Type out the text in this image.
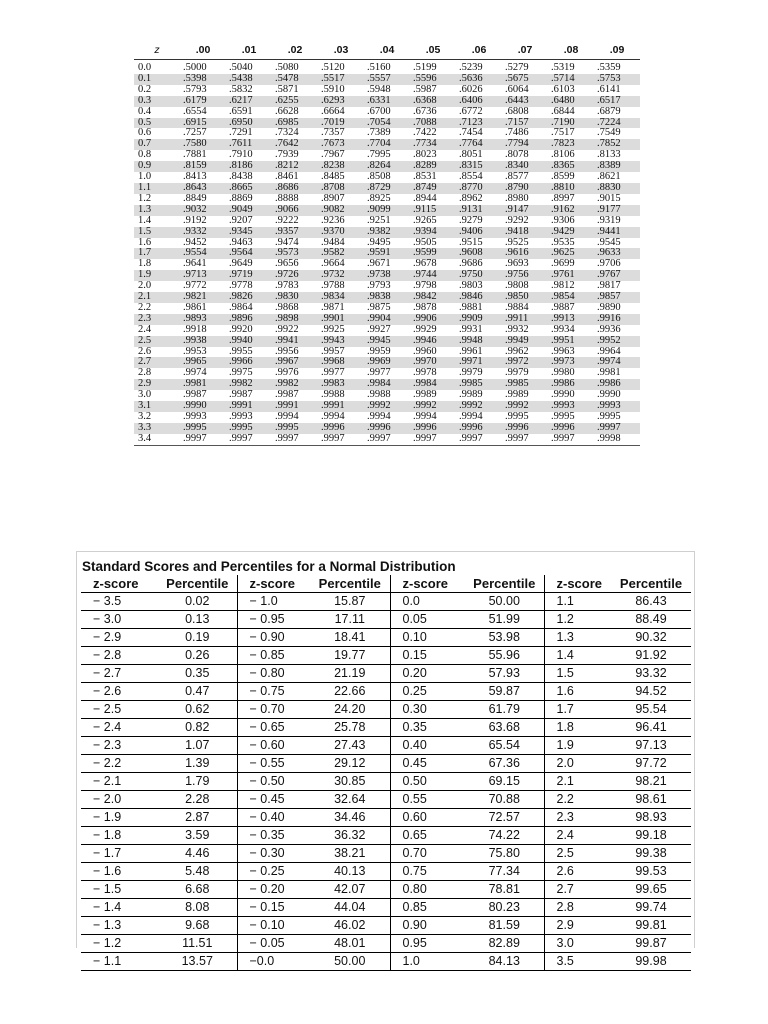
z	.00	.01	.02	.03	.04	.05	.06	.07	.08	.09
0.0	.5000	.5040	.5080	.5120	.5160	.5199	.5239	.5279	.5319	.5359
0.1	.5398	.5438	.5478	.5517	.5557	.5596	.5636	.5675	.5714	.5753
0.2	.5793	.5832	.5871	.5910	.5948	.5987	.6026	.6064	.6103	.6141
0.3	.6179	.6217	.6255	.6293	.6331	.6368	.6406	.6443	.6480	.6517
0.4	.6554	.6591	.6628	.6664	.6700	.6736	.6772	.6808	.6844	.6879
0.5	.6915	.6950	.6985	.7019	.7054	.7088	.7123	.7157	.7190	.7224
0.6	.7257	.7291	.7324	.7357	.7389	.7422	.7454	.7486	.7517	.7549
0.7	.7580	.7611	.7642	.7673	.7704	.7734	.7764	.7794	.7823	.7852
0.8	.7881	.7910	.7939	.7967	.7995	.8023	.8051	.8078	.8106	.8133
0.9	.8159	.8186	.8212	.8238	.8264	.8289	.8315	.8340	.8365	.8389
1.0	.8413	.8438	.8461	.8485	.8508	.8531	.8554	.8577	.8599	.8621
1.1	.8643	.8665	.8686	.8708	.8729	.8749	.8770	.8790	.8810	.8830
1.2	.8849	.8869	.8888	.8907	.8925	.8944	.8962	.8980	.8997	.9015
1.3	.9032	.9049	.9066	.9082	.9099	.9115	.9131	.9147	.9162	.9177
1.4	.9192	.9207	.9222	.9236	.9251	.9265	.9279	.9292	.9306	.9319
1.5	.9332	.9345	.9357	.9370	.9382	.9394	.9406	.9418	.9429	.9441
1.6	.9452	.9463	.9474	.9484	.9495	.9505	.9515	.9525	.9535	.9545
1.7	.9554	.9564	.9573	.9582	.9591	.9599	.9608	.9616	.9625	.9633
1.8	.9641	.9649	.9656	.9664	.9671	.9678	.9686	.9693	.9699	.9706
1.9	.9713	.9719	.9726	.9732	.9738	.9744	.9750	.9756	.9761	.9767
2.0	.9772	.9778	.9783	.9788	.9793	.9798	.9803	.9808	.9812	.9817
2.1	.9821	.9826	.9830	.9834	.9838	.9842	.9846	.9850	.9854	.9857
2.2	.9861	.9864	.9868	.9871	.9875	.9878	.9881	.9884	.9887	.9890
2.3	.9893	.9896	.9898	.9901	.9904	.9906	.9909	.9911	.9913	.9916
2.4	.9918	.9920	.9922	.9925	.9927	.9929	.9931	.9932	.9934	.9936
2.5	.9938	.9940	.9941	.9943	.9945	.9946	.9948	.9949	.9951	.9952
2.6	.9953	.9955	.9956	.9957	.9959	.9960	.9961	.9962	.9963	.9964
2.7	.9965	.9966	.9967	.9968	.9969	.9970	.9971	.9972	.9973	.9974
2.8	.9974	.9975	.9976	.9977	.9977	.9978	.9979	.9979	.9980	.9981
2.9	.9981	.9982	.9982	.9983	.9984	.9984	.9985	.9985	.9986	.9986
3.0	.9987	.9987	.9987	.9988	.9988	.9989	.9989	.9989	.9990	.9990
3.1	.9990	.9991	.9991	.9991	.9992	.9992	.9992	.9992	.9993	.9993
3.2	.9993	.9993	.9994	.9994	.9994	.9994	.9994	.9995	.9995	.9995
3.3	.9995	.9995	.9995	.9996	.9996	.9996	.9996	.9996	.9996	.9997
3.4	.9997	.9997	.9997	.9997	.9997	.9997	.9997	.9997	.9997	.9998
Standard Scores and Percentiles for a Normal Distribution
z-score	Percentile	z-score	Percentile	z-score	Percentile	z-score	Percentile
− 3.5	0.02	− 1.0	15.87	0.0	50.00	1.1	86.43
− 3.0	0.13	− 0.95	17.11	0.05	51.99	1.2	88.49
− 2.9	0.19	− 0.90	18.41	0.10	53.98	1.3	90.32
− 2.8	0.26	− 0.85	19.77	0.15	55.96	1.4	91.92
− 2.7	0.35	− 0.80	21.19	0.20	57.93	1.5	93.32
− 2.6	0.47	− 0.75	22.66	0.25	59.87	1.6	94.52
− 2.5	0.62	− 0.70	24.20	0.30	61.79	1.7	95.54
− 2.4	0.82	− 0.65	25.78	0.35	63.68	1.8	96.41
− 2.3	1.07	− 0.60	27.43	0.40	65.54	1.9	97.13
− 2.2	1.39	− 0.55	29.12	0.45	67.36	2.0	97.72
− 2.1	1.79	− 0.50	30.85	0.50	69.15	2.1	98.21
− 2.0	2.28	− 0.45	32.64	0.55	70.88	2.2	98.61
− 1.9	2.87	− 0.40	34.46	0.60	72.57	2.3	98.93
− 1.8	3.59	− 0.35	36.32	0.65	74.22	2.4	99.18
− 1.7	4.46	− 0.30	38.21	0.70	75.80	2.5	99.38
− 1.6	5.48	− 0.25	40.13	0.75	77.34	2.6	99.53
− 1.5	6.68	− 0.20	42.07	0.80	78.81	2.7	99.65
− 1.4	8.08	− 0.15	44.04	0.85	80.23	2.8	99.74
− 1.3	9.68	− 0.10	46.02	0.90	81.59	2.9	99.81
− 1.2	11.51	− 0.05	48.01	0.95	82.89	3.0	99.87
− 1.1	13.57	−0.0	50.00	1.0	84.13	3.5	99.98
